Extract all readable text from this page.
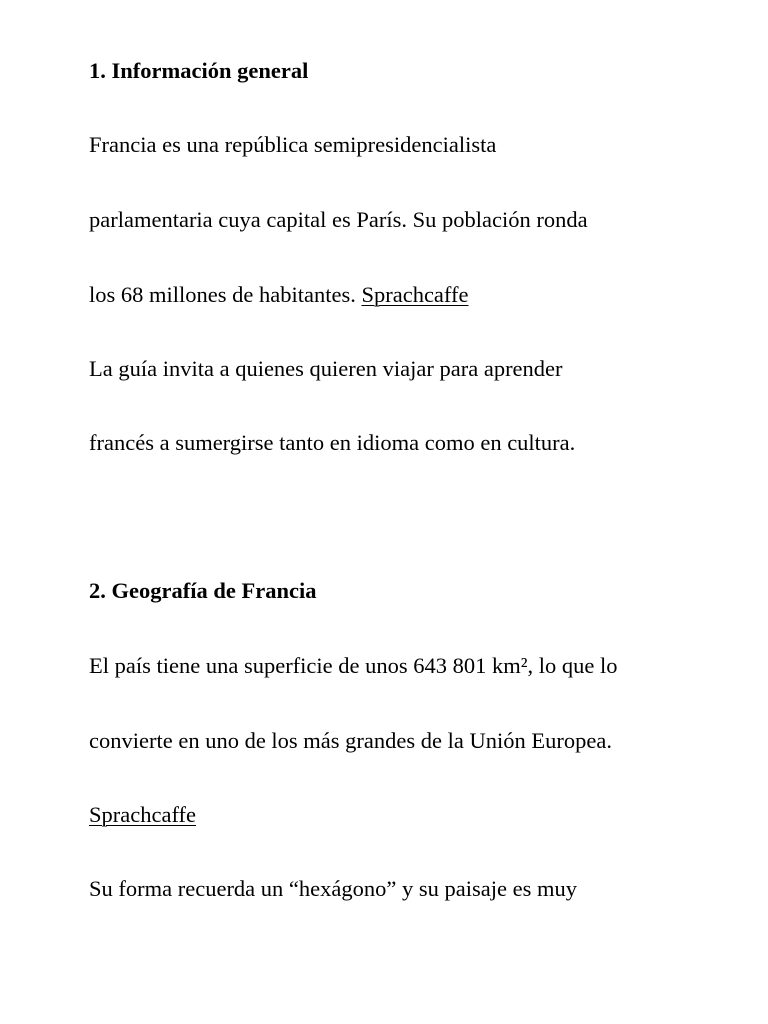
1. Información general
Francia es una república semipresidencialista
parlamentaria cuya capital es París. Su población ronda
los 68 millones de habitantes. Sprachcaffe
La guía invita a quienes quieren viajar para aprender
francés a sumergirse tanto en idioma como en cultura.
2. Geografía de Francia
El país tiene una superficie de unos 643 801 km², lo que lo
convierte en uno de los más grandes de la Unión Europea.
Sprachcaffe
Su forma recuerda un “hexágono” y su paisaje es muy
